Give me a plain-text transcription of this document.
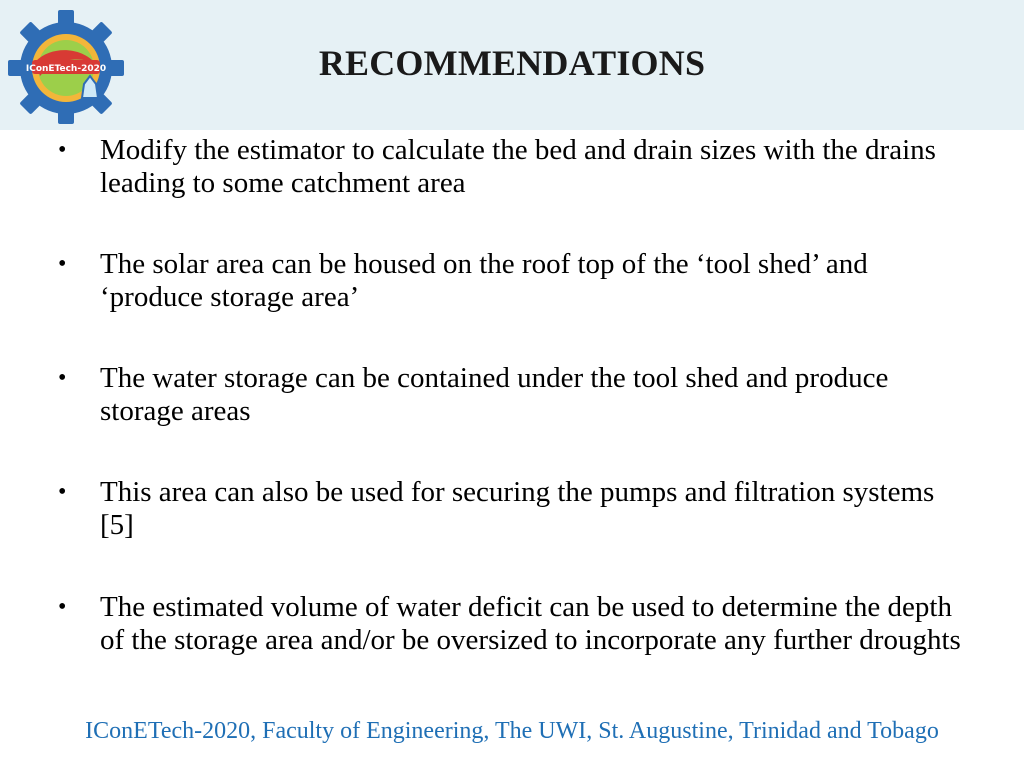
IConETech-2020	RECOMMENDATIONS
•	Modify the estimator to calculate the bed and drain sizes with the drains leading to some catchment area
•	The solar area can be housed on the roof top of the ‘tool shed’ and ‘produce storage area’
•	The water storage can be contained under the tool shed and produce storage areas
•	This area can also be used for securing the pumps and filtration systems [5]
•	The estimated volume of water deficit can be used to determine the depth of the storage area and/or be oversized to incorporate any further droughts
IConETech-2020, Faculty of Engineering, The UWI, St. Augustine, Trinidad and Tobago
